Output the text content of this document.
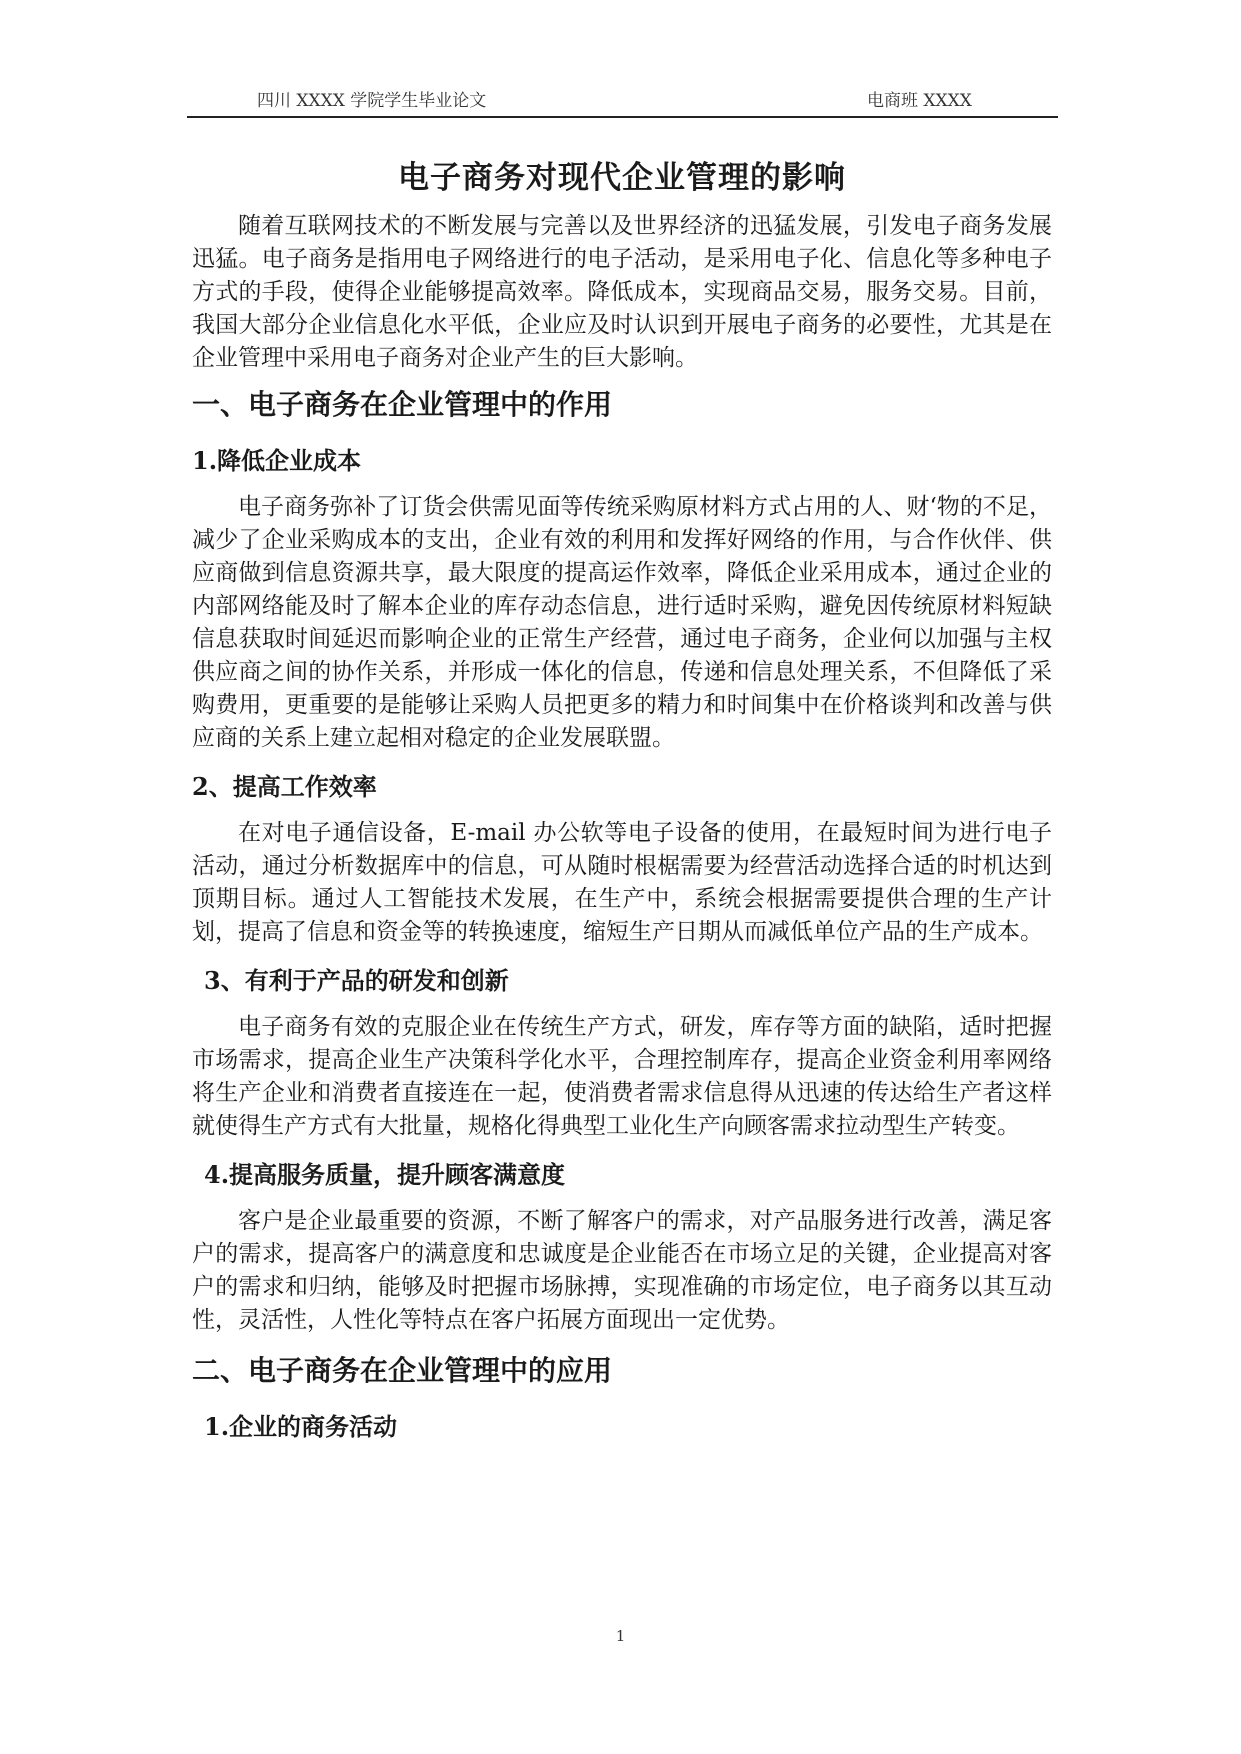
四川 XXXX 学院学生毕业论文	电商班 XXXX
电子商务对现代企业管理的影响

随着互联网技术的不断发展与完善以及世界经济的迅猛发展，引发电子商务发展迅猛。电子商务是指用电子网络进行的电子活动，是采用电子化、信息化等多种电子方式的手段，使得企业能够提高效率。降低成本，实现商品交易，服务交易。目前，我国大部分企业信息化水平低，企业应及时认识到开展电子商务的必要性，尤其是在企业管理中采用电子商务对企业产生的巨大影响。

一、电子商务在企业管理中的作用
1.降低企业成本

电子商务弥补了订货会供需见面等传统采购原材料方式占用的人、财‘物的不足，减少了企业采购成本的支出，企业有效的利用和发挥好网络的作用，与合作伙伴、供应商做到信息资源共享，最大限度的提高运作效率，降低企业采用成本，通过企业的内部网络能及时了解本企业的库存动态信息，进行适时采购，避免因传统原材料短缺信息获取时间延迟而影响企业的正常生产经营，通过电子商务，企业何以加强与主权供应商之间的协作关系，并形成一体化的信息，传递和信息处理关系，不但降低了采购费用，更重要的是能够让采购人员把更多的精力和时间集中在价格谈判和改善与供应商的关系上建立起相对稳定的企业发展联盟。

2、提高工作效率

在对电子通信设备，E-mail 办公软等电子设备的使用，在最短时间为进行电子活动，通过分析数据库中的信息，可从随时根椐需要为经营活动选择合适的时机达到顶期目标。通过人工智能技术发展，在生产中，系统会根据需要提供合理的生产计划，提高了信息和资金等的转换速度，缩短生产日期从而减低单位产品的生产成本。

3、有利于产品的研发和创新

电子商务有效的克服企业在传统生产方式，研发，库存等方面的缺陷，适时把握市场需求，提高企业生产决策科学化水平，合理控制库存，提高企业资金利用率网络将生产企业和消费者直接连在一起，使消费者需求信息得从迅速的传达给生产者这样就使得生产方式有大批量，规格化得典型工业化生产向顾客需求拉动型生产转变。

4.提高服务质量，提升顾客满意度

客户是企业最重要的资源，不断了解客户的需求，对产品服务进行改善，满足客户的需求，提高客户的满意度和忠诚度是企业能否在市场立足的关键，企业提高对客户的需求和归纳，能够及时把握市场脉搏，实现准确的市场定位，电子商务以其互动性，灵活性，人性化等特点在客户拓展方面现出一定优势。

二、电子商务在企业管理中的应用
1.企业的商务活动
1
